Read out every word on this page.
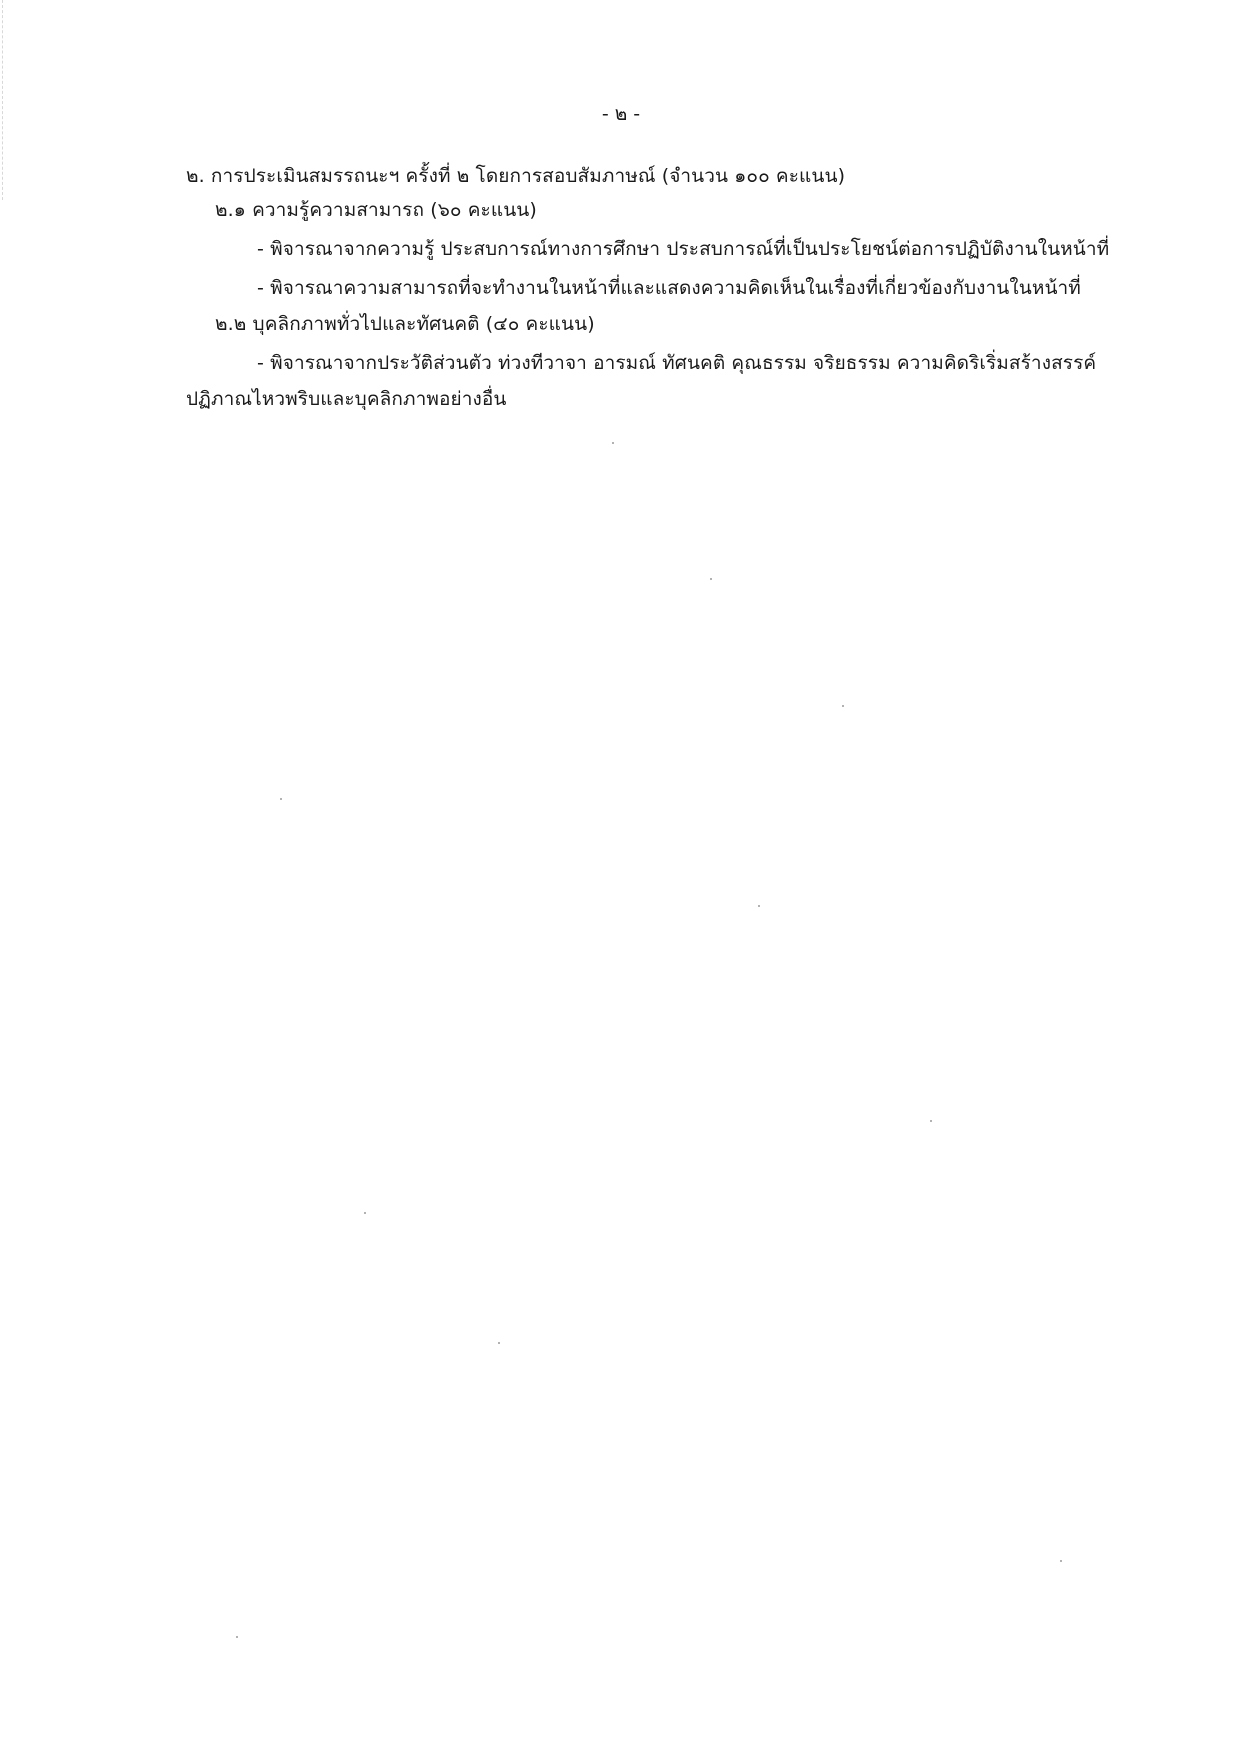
- ๒ -
๒. การประเมินสมรรถนะฯ ครั้งที่ ๒ โดยการสอบสัมภาษณ์ (จำนวน ๑๐๐ คะแนน)
๒.๑ ความรู้ความสามารถ (๖๐ คะแนน)
- พิจารณาจากความรู้ ประสบการณ์ทางการศึกษา ประสบการณ์ที่เป็นประโยชน์ต่อการปฏิบัติงานในหน้าที่
- พิจารณาความสามารถที่จะทำงานในหน้าที่และแสดงความคิดเห็นในเรื่องที่เกี่ยวข้องกับงานในหน้าที่
๒.๒ บุคลิกภาพทั่วไปและทัศนคติ (๔๐ คะแนน)
- พิจารณาจากประวัติส่วนตัว ท่วงทีวาจา อารมณ์ ทัศนคติ คุณธรรม จริยธรรม ความคิดริเริ่มสร้างสรรค์
ปฏิภาณไหวพริบและบุคลิกภาพอย่างอื่น
